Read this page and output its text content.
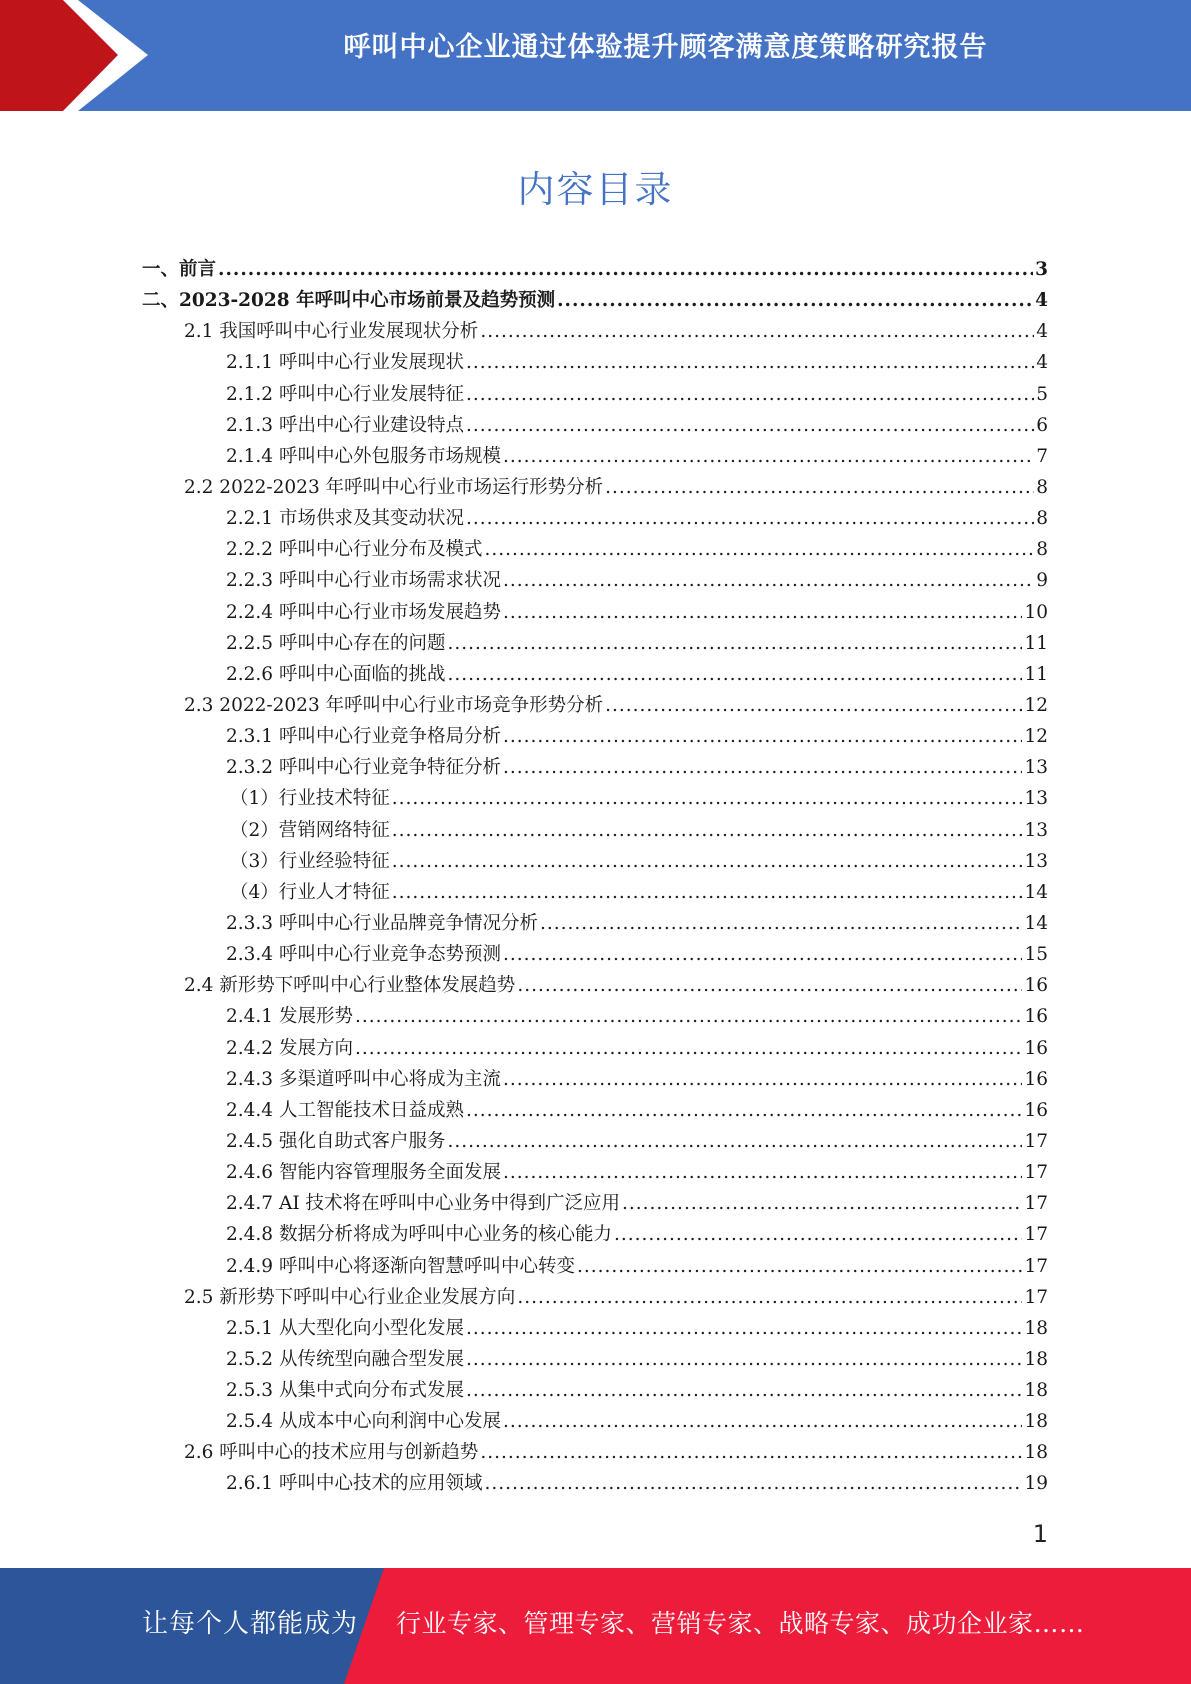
呼叫中心企业通过体验提升顾客满意度策略研究报告
内容目录
一、前言 .....	3
二、2023-2028 年呼叫中心市场前景及趋势预测 .....	4
2.1 我国呼叫中心行业发展现状分析 .....	4
2.1.1 呼叫中心行业发展现状 .....	4
2.1.2 呼叫中心行业发展特征 .....	5
2.1.3 呼出中心行业建设特点 .....	6
2.1.4 呼叫中心外包服务市场规模 .....	7
2.2 2022-2023 年呼叫中心行业市场运行形势分析 .....	8
2.2.1 市场供求及其变动状况 .....	8
2.2.2 呼叫中心行业分布及模式 .....	8
2.2.3 呼叫中心行业市场需求状况 .....	9
2.2.4 呼叫中心行业市场发展趋势 .....	10
2.2.5 呼叫中心存在的问题 .....	11
2.2.6 呼叫中心面临的挑战 .....	11
2.3 2022-2023 年呼叫中心行业市场竞争形势分析 .....	12
2.3.1 呼叫中心行业竞争格局分析 .....	12
2.3.2 呼叫中心行业竞争特征分析 .....	13
（1）行业技术特征 .....	13
（2）营销网络特征 .....	13
（3）行业经验特征 .....	13
（4）行业人才特征 .....	14
2.3.3 呼叫中心行业品牌竞争情况分析 .....	14
2.3.4 呼叫中心行业竞争态势预测 .....	15
2.4 新形势下呼叫中心行业整体发展趋势 .....	16
2.4.1 发展形势 .....	16
2.4.2 发展方向 .....	16
2.4.3 多渠道呼叫中心将成为主流 .....	16
2.4.4 人工智能技术日益成熟 .....	16
2.4.5 强化自助式客户服务 .....	17
2.4.6 智能内容管理服务全面发展 .....	17
2.4.7 AI 技术将在呼叫中心业务中得到广泛应用 .....	17
2.4.8 数据分析将成为呼叫中心业务的核心能力 .....	17
2.4.9 呼叫中心将逐渐向智慧呼叫中心转变 .....	17
2.5 新形势下呼叫中心行业企业发展方向 .....	17
2.5.1 从大型化向小型化发展 .....	18
2.5.2 从传统型向融合型发展 .....	18
2.5.3 从集中式向分布式发展 .....	18
2.5.4 从成本中心向利润中心发展 .....	18
2.6 呼叫中心的技术应用与创新趋势 .....	18
2.6.1 呼叫中心技术的应用领域 .....	19
1
让每个人都能成为 行业专家、管理专家、营销专家、战略专家、成功企业家……
